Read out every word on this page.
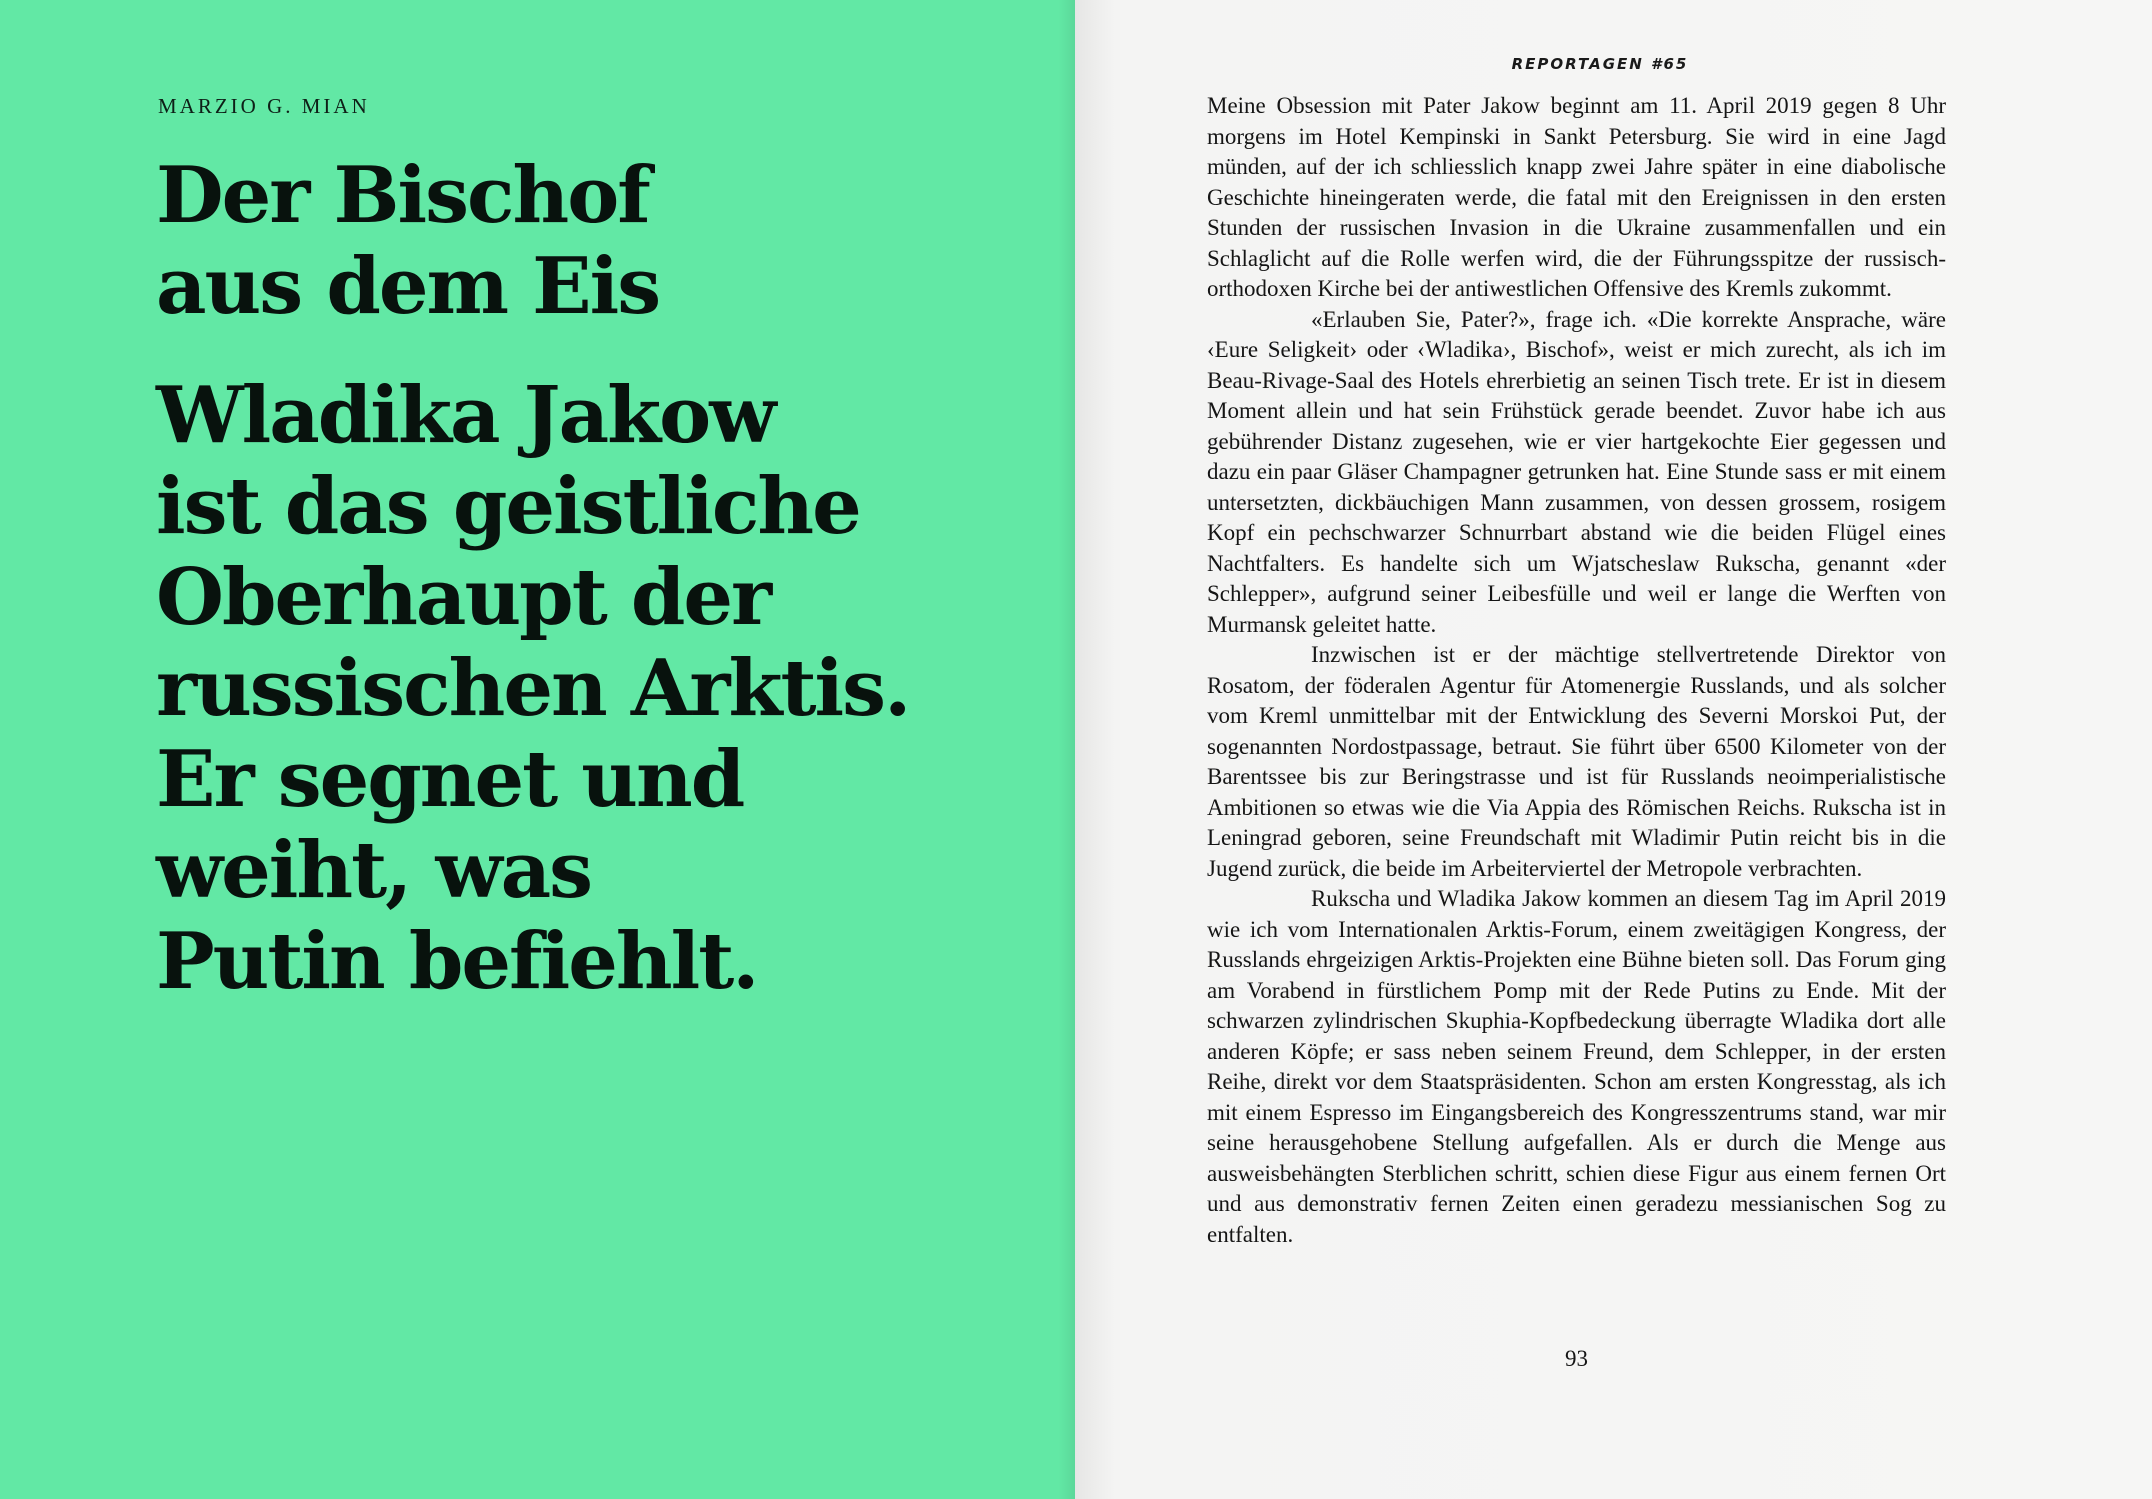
MARZIO G. MIAN

Der Bischof
aus dem Eis
Wladika Jakow
ist das geistliche
Oberhaupt der
russischen Arktis.
Er segnet und
weiht, was
Putin befiehlt.
REPORTAGEN #65

Meine Obsession mit Pater Jakow beginnt am 11. April 2019 gegen 8 Uhr morgens im Hotel Kempinski in Sankt Petersburg. Sie wird in eine Jagd münden, auf der ich schliesslich knapp zwei Jahre später in eine diabolische Geschichte hineingeraten werde, die fatal mit den Ereignissen in den ersten Stunden der russischen Invasion in die Ukraine zusammenfallen und ein Schlaglicht auf die Rolle werfen wird, die der Führungsspitze der russisch-orthodoxen Kirche bei der antiwestlichen Offensive des Kremls zukommt.

«Erlauben Sie, Pater?», frage ich. «Die korrekte Ansprache, wäre ‹Eure Seligkeit› oder ‹Wladika›, Bischof», weist er mich zurecht, als ich im Beau-Rivage-Saal des Hotels ehrerbietig an seinen Tisch trete. Er ist in diesem Moment allein und hat sein Frühstück gerade beendet. Zuvor habe ich aus gebührender Distanz zugesehen, wie er vier hartgekochte Eier gegessen und dazu ein paar Gläser Champagner getrunken hat. Eine Stunde sass er mit einem untersetzten, dickbäuchigen Mann zusammen, von dessen grossem, rosigem Kopf ein pechschwarzer Schnurrbart abstand wie die beiden Flügel eines Nachtfalters. Es handelte sich um Wjatscheslaw Rukscha, genannt «der Schlepper», aufgrund seiner Leibesfülle und weil er lange die Werften von Murmansk geleitet hatte.

Inzwischen ist er der mächtige stellvertretende Direktor von Rosatom, der föderalen Agentur für Atomenergie Russlands, und als solcher vom Kreml unmittelbar mit der Entwicklung des Severni Morskoi Put, der sogenannten Nordostpassage, betraut. Sie führt über 6500 Kilometer von der Barentssee bis zur Beringstrasse und ist für Russlands neoimperialistische Ambitionen so etwas wie die Via Appia des Römischen Reichs. Rukscha ist in Leningrad geboren, seine Freundschaft mit Wladimir Putin reicht bis in die Jugend zurück, die beide im Arbeiterviertel der Metropole verbrachten.

Rukscha und Wladika Jakow kommen an diesem Tag im April 2019 wie ich vom Internationalen Arktis-Forum, einem zweitägigen Kongress, der Russlands ehrgeizigen Arktis-Projekten eine Bühne bieten soll. Das Forum ging am Vorabend in fürstlichem Pomp mit der Rede Putins zu Ende. Mit der schwarzen zylindrischen Skuphia-Kopfbedeckung überragte Wladika dort alle anderen Köpfe; er sass neben seinem Freund, dem Schlepper, in der ersten Reihe, direkt vor dem Staatspräsidenten. Schon am ersten Kongresstag, als ich mit einem Espresso im Eingangsbereich des Kongresszentrums stand, war mir seine herausgehobene Stellung aufgefallen. Als er durch die Menge aus ausweisbehängten Sterblichen schritt, schien diese Figur aus einem fernen Ort und aus demonstrativ fernen Zeiten einen geradezu messianischen Sog zu entfalten.

93
